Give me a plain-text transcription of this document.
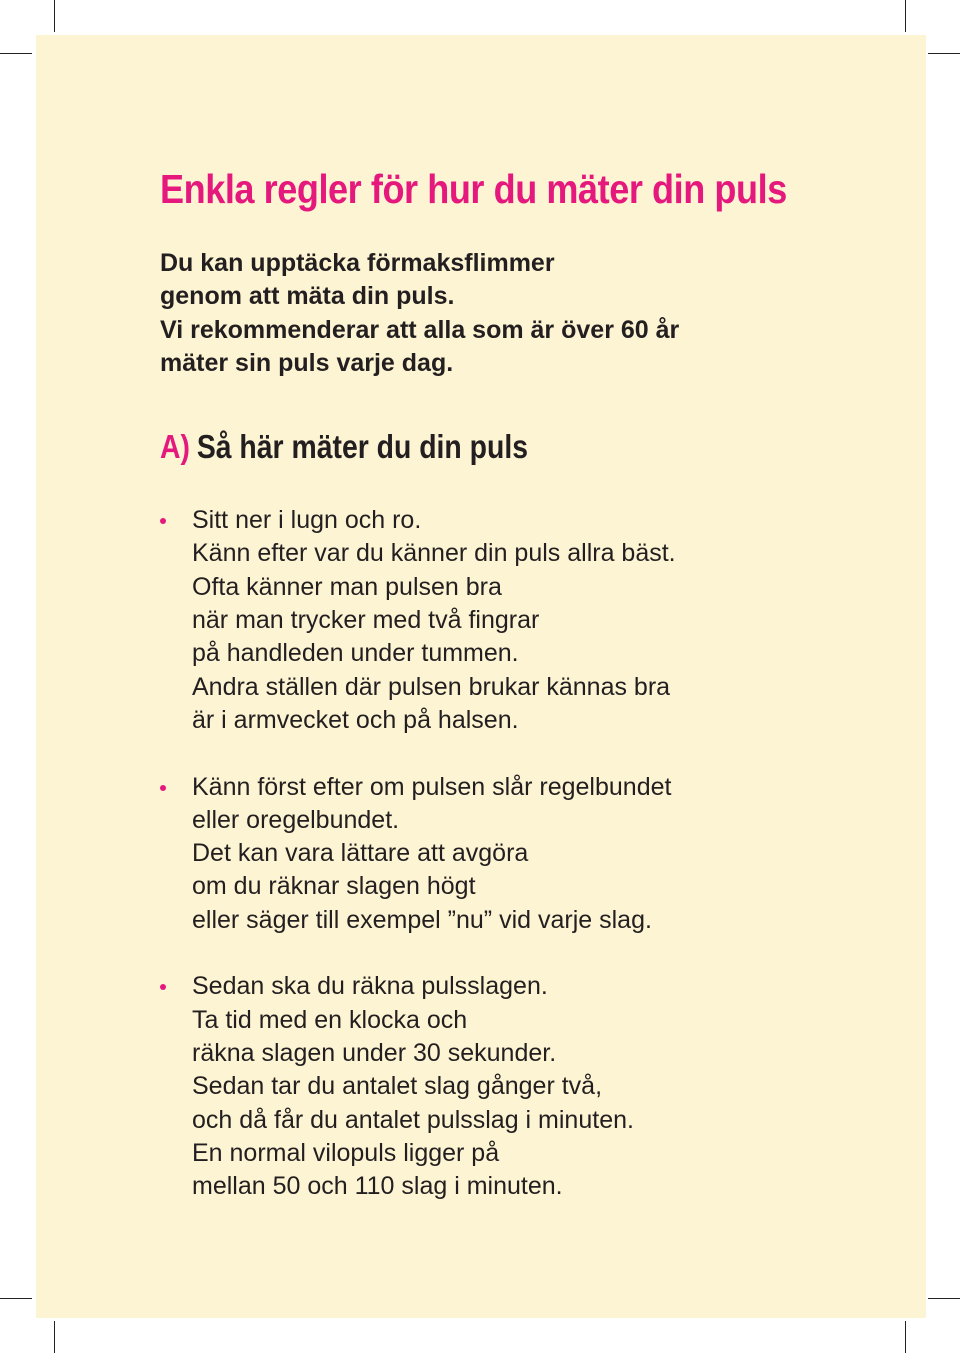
Enkla regler för hur du mäter din puls
Du kan upptäcka förmaksflimmer
genom att mäta din puls.
Vi rekommenderar att alla som är över 60 år
mäter sin puls varje dag.
A) Så här mäter du din puls
Sitt ner i lugn och ro.
Känn efter var du känner din puls allra bäst.
Ofta känner man pulsen bra
när man trycker med två fingrar
på handleden under tummen.
Andra ställen där pulsen brukar kännas bra
är i armvecket och på halsen.
Känn först efter om pulsen slår regelbundet
eller oregelbundet.
Det kan vara lättare att avgöra
om du räknar slagen högt
eller säger till exempel ”nu” vid varje slag.
Sedan ska du räkna pulsslagen.
Ta tid med en klocka och
räkna slagen under 30 sekunder.
Sedan tar du antalet slag gånger två,
och då får du antalet pulsslag i minuten.
En normal vilopuls ligger på
mellan 50 och 110 slag i minuten.
